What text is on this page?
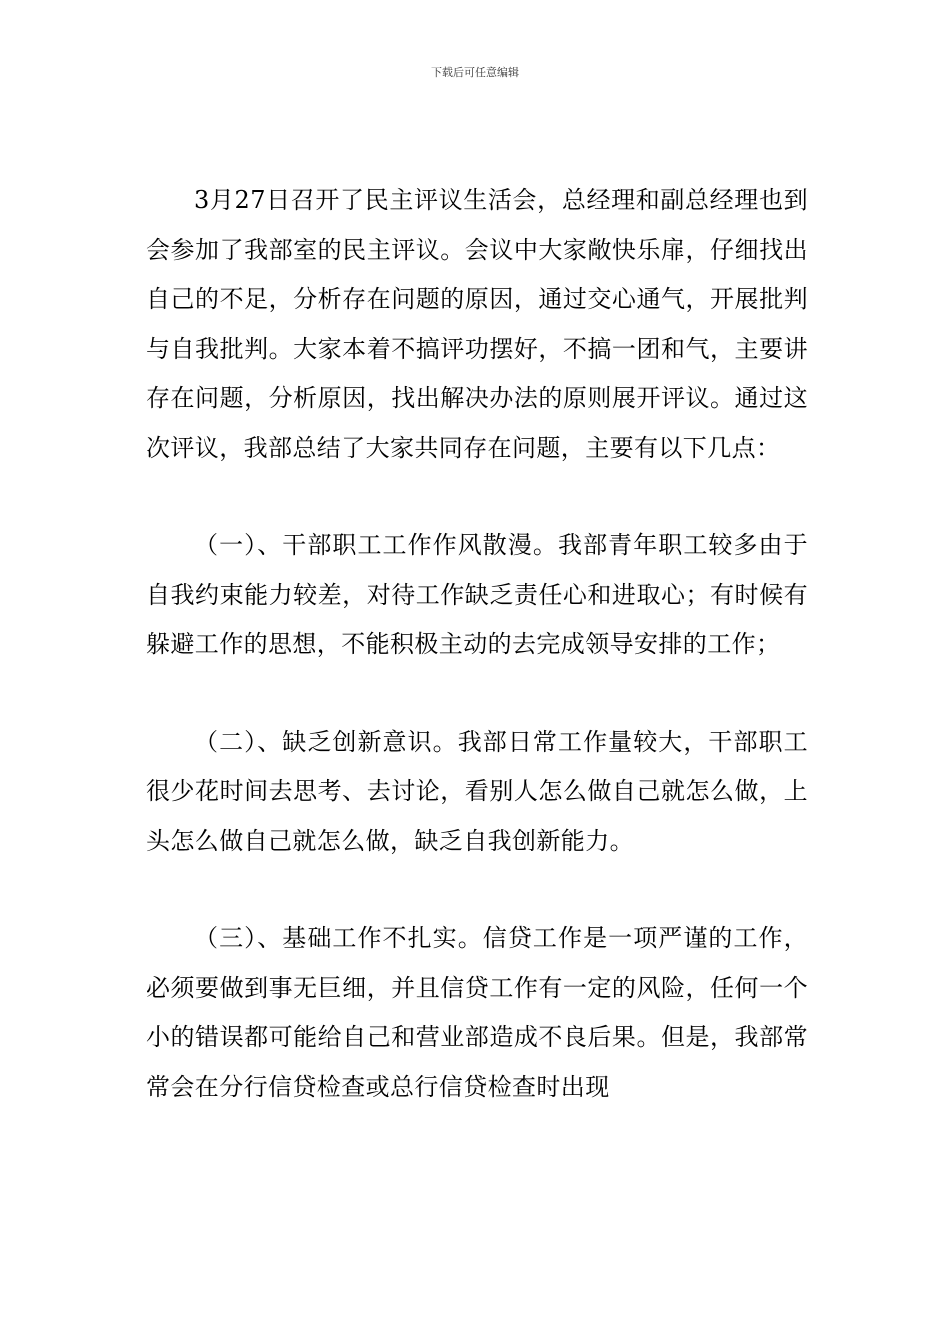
下载后可任意编辑

3月27日召开了民主评议生活会，总经理和副总经理也到会参加了我部室的民主评议。会议中大家敞快乐扉，仔细找出自己的不足，分析存在问题的原因，通过交心通气，开展批判与自我批判。大家本着不搞评功摆好，不搞一团和气，主要讲存在问题，分析原因，找出解决办法的原则展开评议。通过这次评议，我部总结了大家共同存在问题，主要有以下几点：

（一）、干部职工工作作风散漫。我部青年职工较多由于自我约束能力较差，对待工作缺乏责任心和进取心；有时候有躲避工作的思想，不能积极主动的去完成领导安排的工作；

（二）、缺乏创新意识。我部日常工作量较大，干部职工很少花时间去思考、去讨论，看别人怎么做自己就怎么做，上头怎么做自己就怎么做，缺乏自我创新能力。

（三）、基础工作不扎实。信贷工作是一项严谨的工作，必须要做到事无巨细，并且信贷工作有一定的风险，任何一个小的错误都可能给自己和营业部造成不良后果。但是，我部常常会在分行信贷检查或总行信贷检查时出现
